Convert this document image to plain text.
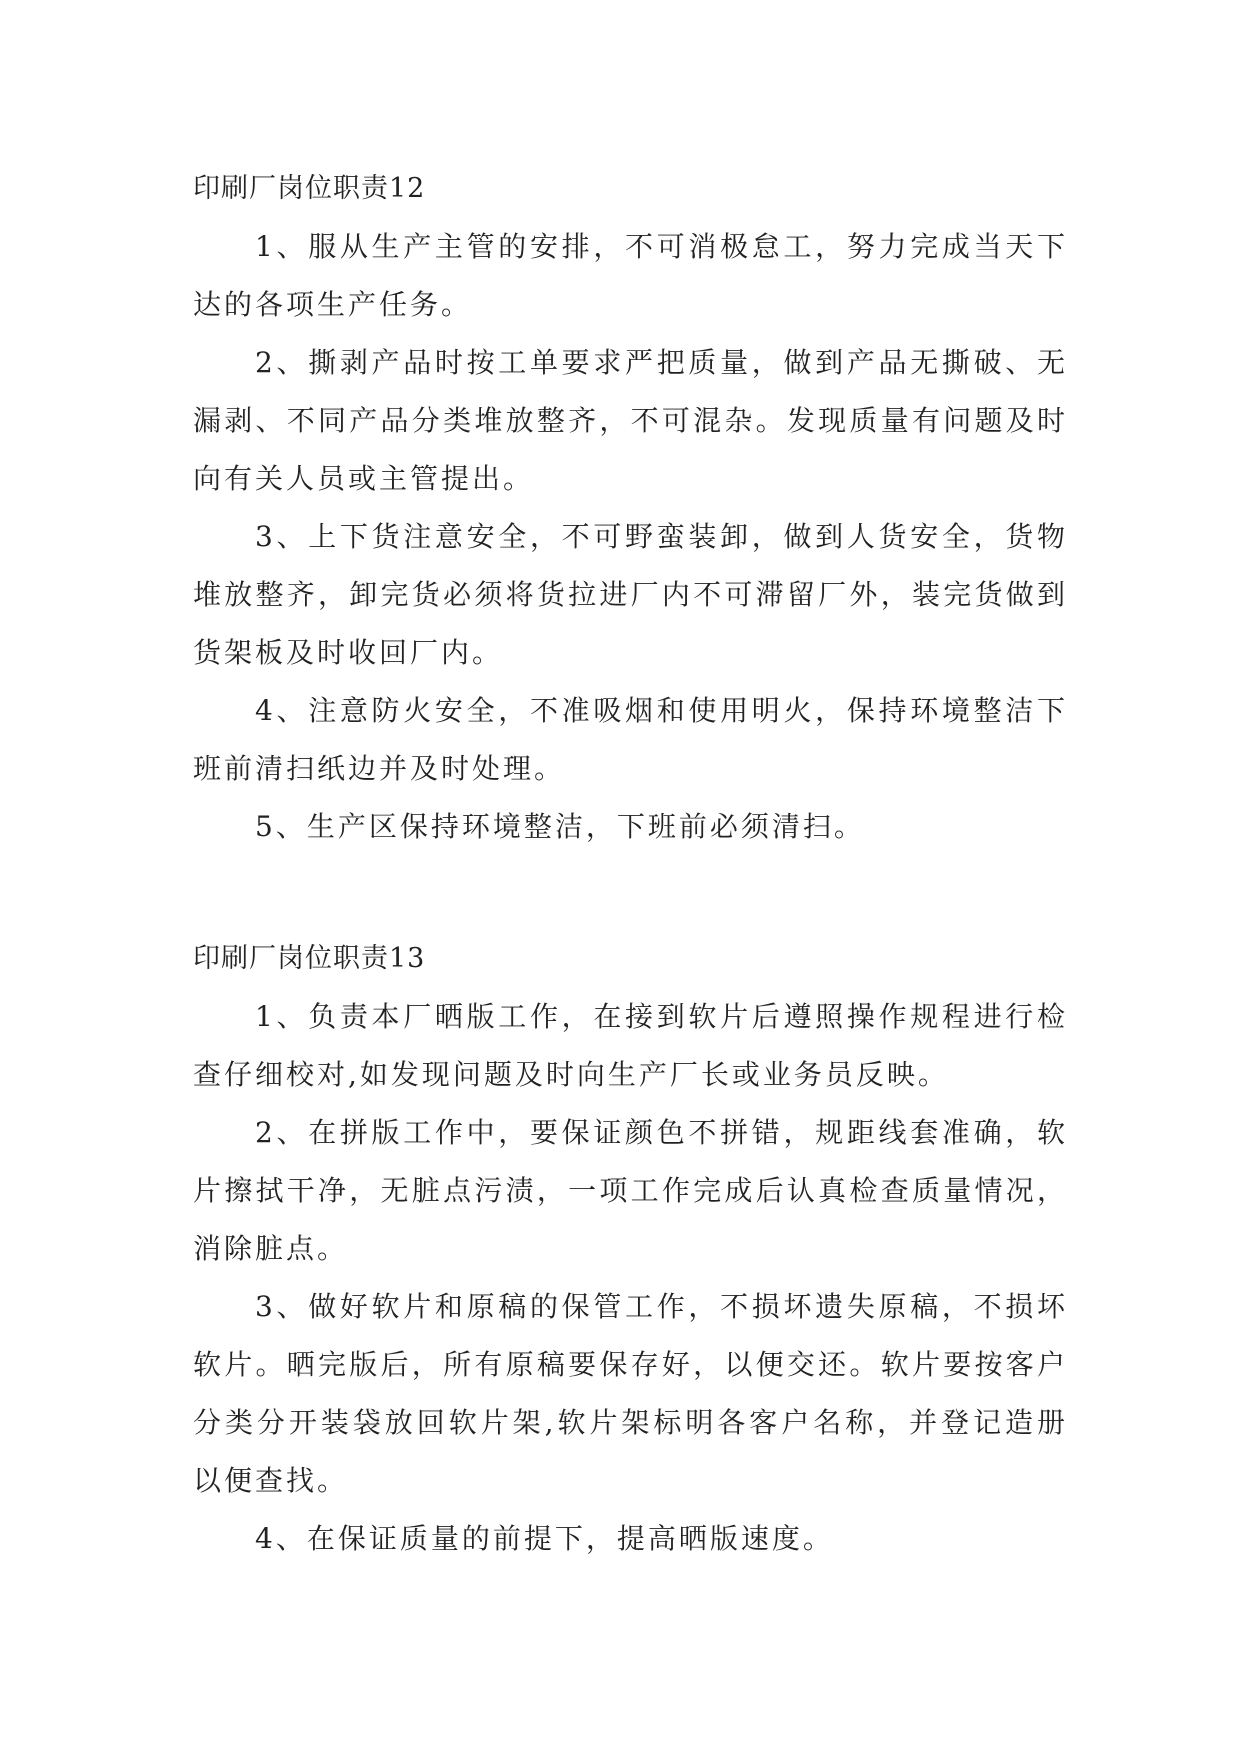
印刷厂岗位职责12

1、服从生产主管的安排，不可消极怠工，努力完成当天下达的各项生产任务。

2、撕剥产品时按工单要求严把质量，做到产品无撕破、无漏剥、不同产品分类堆放整齐，不可混杂。发现质量有问题及时向有关人员或主管提出。

3、上下货注意安全，不可野蛮装卸，做到人货安全，货物堆放整齐，卸完货必须将货拉进厂内不可滞留厂外，装完货做到货架板及时收回厂内。

4、注意防火安全，不准吸烟和使用明火，保持环境整洁下班前清扫纸边并及时处理。

5、生产区保持环境整洁，下班前必须清扫。

印刷厂岗位职责13

1、负责本厂晒版工作，在接到软片后遵照操作规程进行检查仔细校对,如发现问题及时向生产厂长或业务员反映。

2、在拼版工作中，要保证颜色不拼错，规距线套准确，软片擦拭干净，无脏点污渍，一项工作完成后认真检查质量情况，消除脏点。

3、做好软片和原稿的保管工作，不损坏遗失原稿，不损坏软片。晒完版后，所有原稿要保存好，以便交还。软片要按客户分类分开装袋放回软片架,软片架标明各客户名称，并登记造册以便查找。

4、在保证质量的前提下，提高晒版速度。
